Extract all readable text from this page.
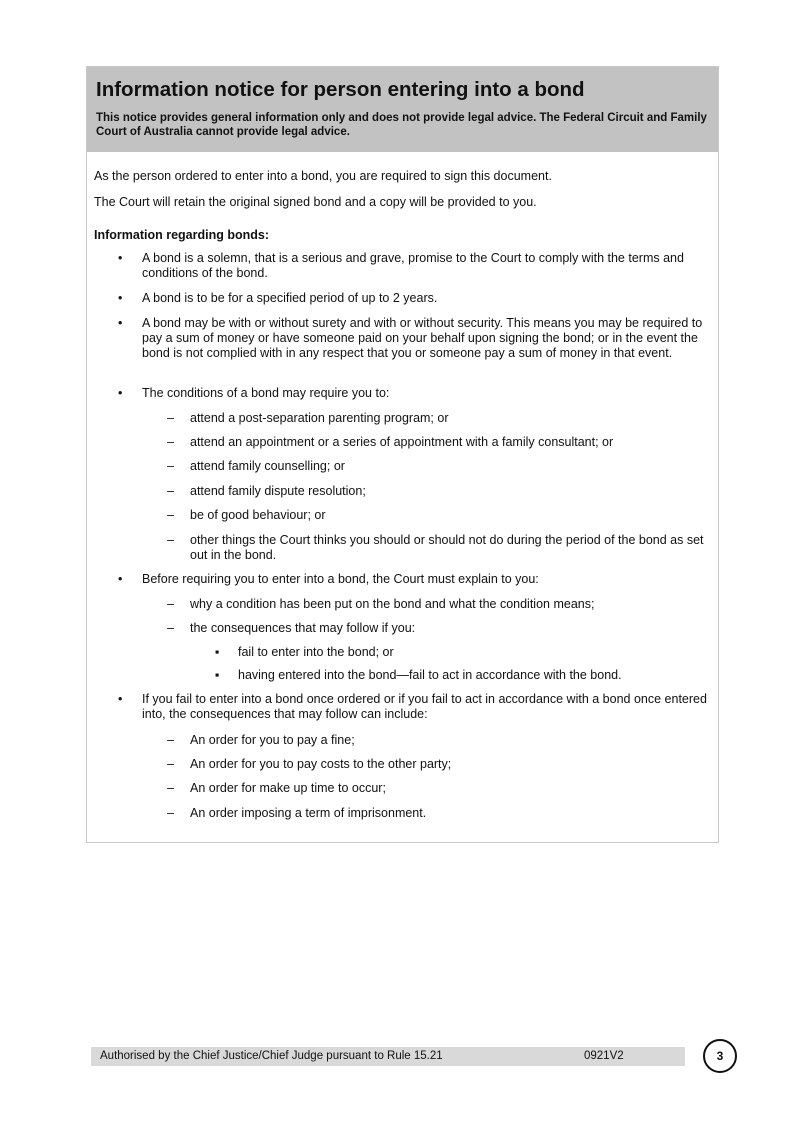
Information notice for person entering into a bond
This notice provides general information only and does not provide legal advice. The Federal Circuit and Family Court of Australia cannot provide legal advice.
As the person ordered to enter into a bond, you are required to sign this document.
The Court will retain the original signed bond and a copy will be provided to you.
Information regarding bonds:
• A bond is a solemn, that is a serious and grave, promise to the Court to comply with the terms and conditions of the bond.
• A bond is to be for a specified period of up to 2 years.
• A bond may be with or without surety and with or without security. This means you may be required to pay a sum of money or have someone paid on your behalf upon signing the bond; or in the event the bond is not complied with in any respect that you or someone pay a sum of money in that event.
• The conditions of a bond may require you to:
– attend a post-separation parenting program; or
– attend an appointment or a series of appointment with a family consultant; or
– attend family counselling; or
– attend family dispute resolution;
– be of good behaviour; or
– other things the Court thinks you should or should not do during the period of the bond as set out in the bond.
• Before requiring you to enter into a bond, the Court must explain to you:
– why a condition has been put on the bond and what the condition means;
– the consequences that may follow if you:
▪ fail to enter into the bond; or
▪ having entered into the bond—fail to act in accordance with the bond.
• If you fail to enter into a bond once ordered or if you fail to act in accordance with a bond once entered into, the consequences that may follow can include:
– An order for you to pay a fine;
– An order for you to pay costs to the other party;
– An order for make up time to occur;
– An order imposing a term of imprisonment.
Authorised by the Chief Justice/Chief Judge pursuant to Rule 15.21	0921V2	3
